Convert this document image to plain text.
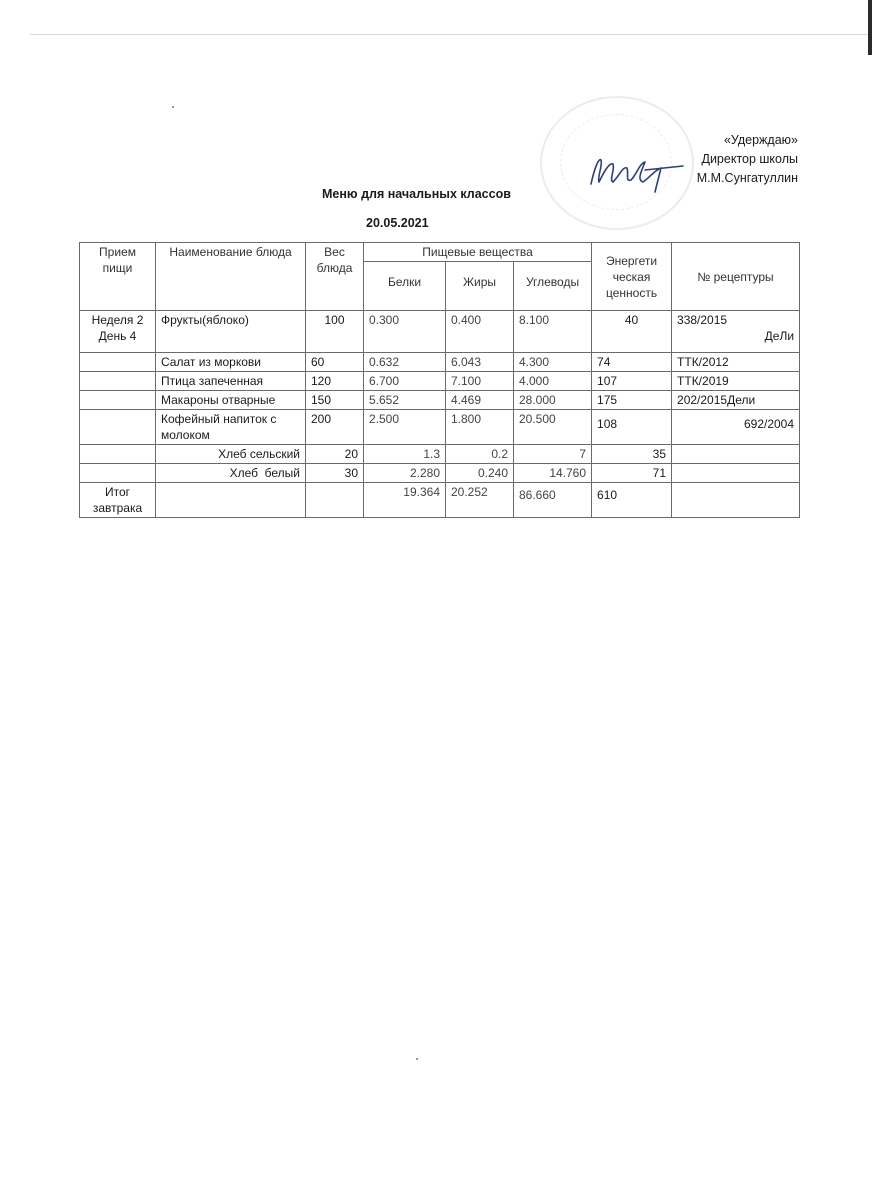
«Удерждаю»
Директор школы
М.М.Сунгатуллин
Меню для начальных классов
20.05.2021
Прием пищи	Наименование блюда	Вес блюда	Пищевые вещества			Энергети ческая ценность	№ рецептуры
			Белки	Жиры	Углеводы		
Неделя 2 День 4	Фрукты(яблоко)	100	0.300	0.400	8.100	40	338/2015
ДеЛи

	Салат из моркови	60	0.632	6.043	4.300	74	ТТК/2012
	Птица запеченная	120	6.700	7.100	4.000	107	ТТК/2019
	Макароны отварные	150	5.652	4.469	28.000	175	202/2015Дели
	Кофейный напиток с молоком	200	2.500	1.800	20.500	108	692/2004
	Хлеб сельский	20	1.3	0.2	7	35	
	Хлеб  белый	30	2.280	0.240	14.760	71	
Итог завтрака			19.364	20.252	86.660	610	
